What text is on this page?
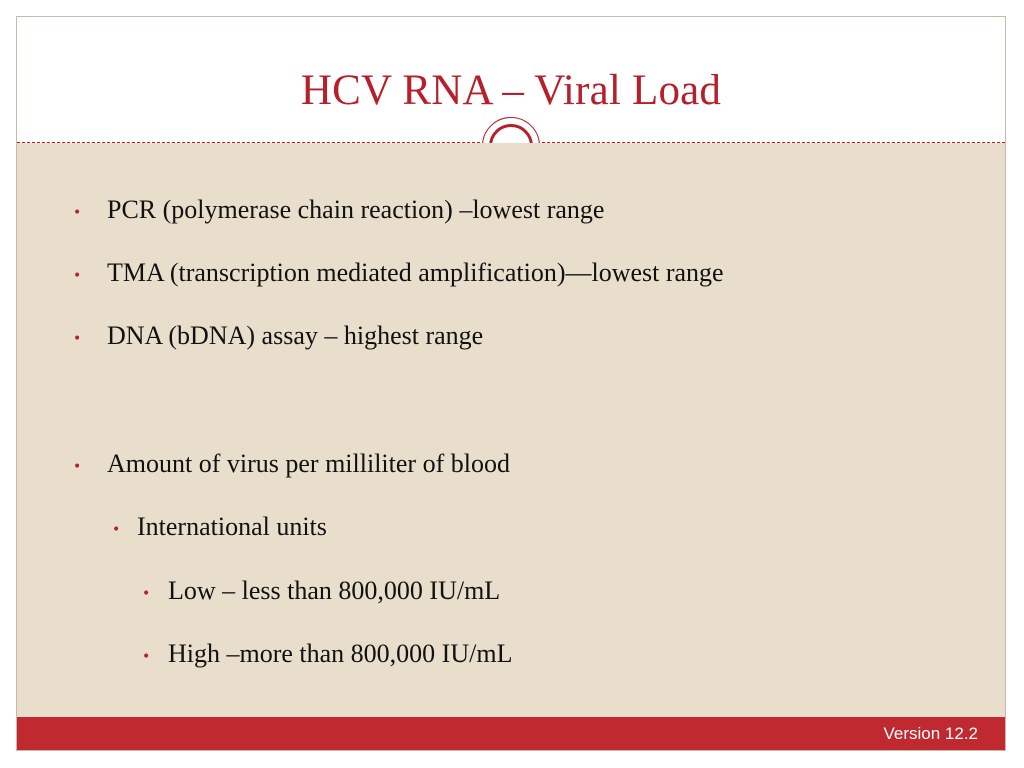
HCV RNA – Viral Load
• PCR (polymerase chain reaction) –lowest range
• TMA (transcription mediated amplification)—lowest range
• DNA (bDNA) assay – highest range
• Amount of virus per milliliter of blood
• International units
• Low – less than 800,000 IU/mL
• High –more than 800,000 IU/mL
Version 12.2
